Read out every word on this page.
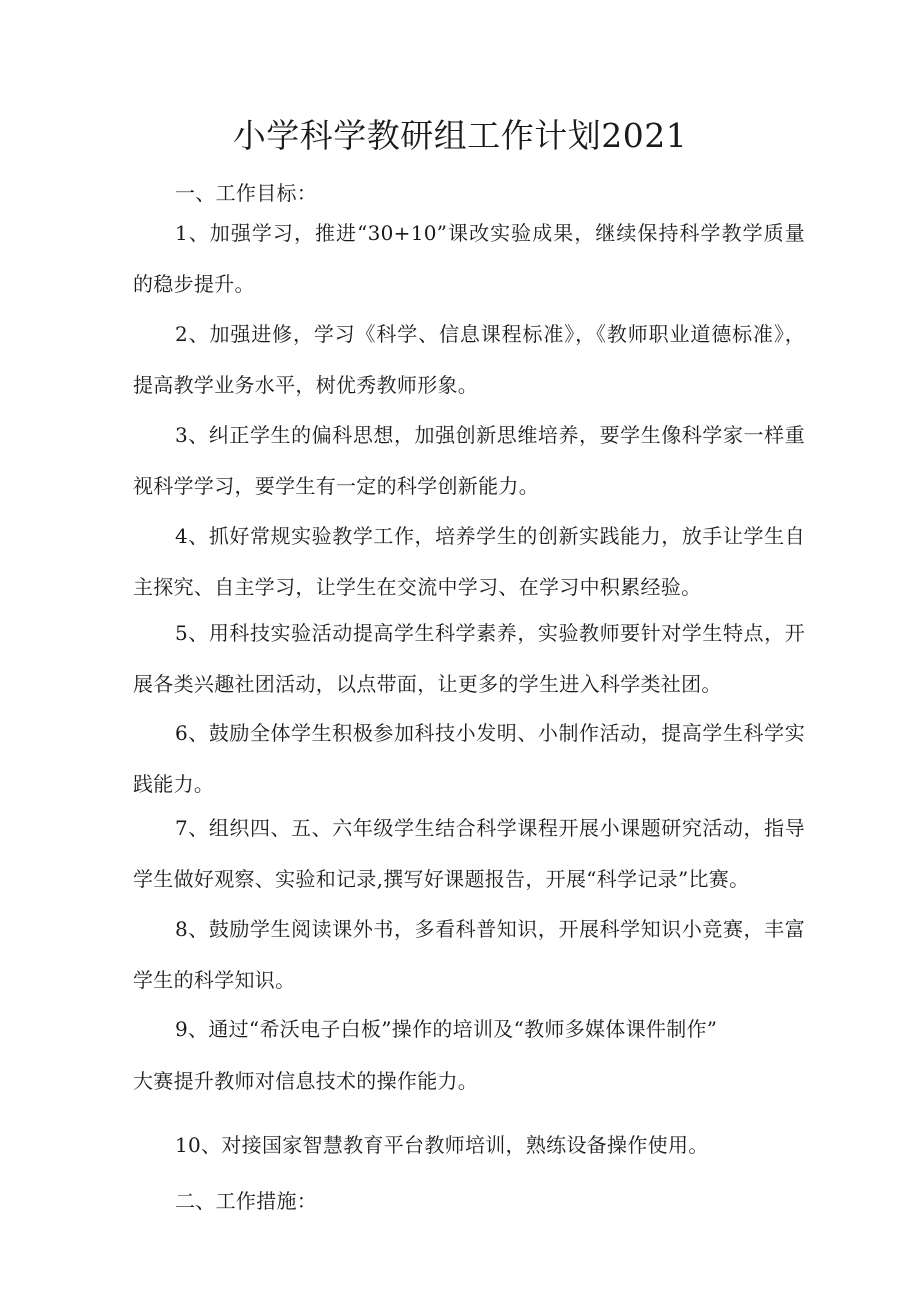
小学科学教研组工作计划2021

一、工作目标：

1、加强学习，推进“30+10”课改实验成果，继续保持科学教学质量的稳步提升。

2、加强进修，学习《科学、信息课程标准》，《教师职业道德标准》，提高教学业务水平，树优秀教师形象。

3、纠正学生的偏科思想，加强创新思维培养，要学生像科学家一样重视科学学习，要学生有一定的科学创新能力。

4、抓好常规实验教学工作，培养学生的创新实践能力，放手让学生自主探究、自主学习，让学生在交流中学习、在学习中积累经验。

5、用科技实验活动提高学生科学素养，实验教师要针对学生特点，开展各类兴趣社团活动，以点带面，让更多的学生进入科学类社团。

6、鼓励全体学生积极参加科技小发明、小制作活动，提高学生科学实践能力。

7、组织四、五、六年级学生结合科学课程开展小课题研究活动，指导学生做好观察、实验和记录,撰写好课题报告，开展“科学记录”比赛。

8、鼓励学生阅读课外书，多看科普知识，开展科学知识小竞赛，丰富学生的科学知识。

9、通过“希沃电子白板”操作的培训及“教师多媒体课件制作”

大赛提升教师对信息技术的操作能力。

10、对接国家智慧教育平台教师培训，熟练设备操作使用。

二、工作措施：
